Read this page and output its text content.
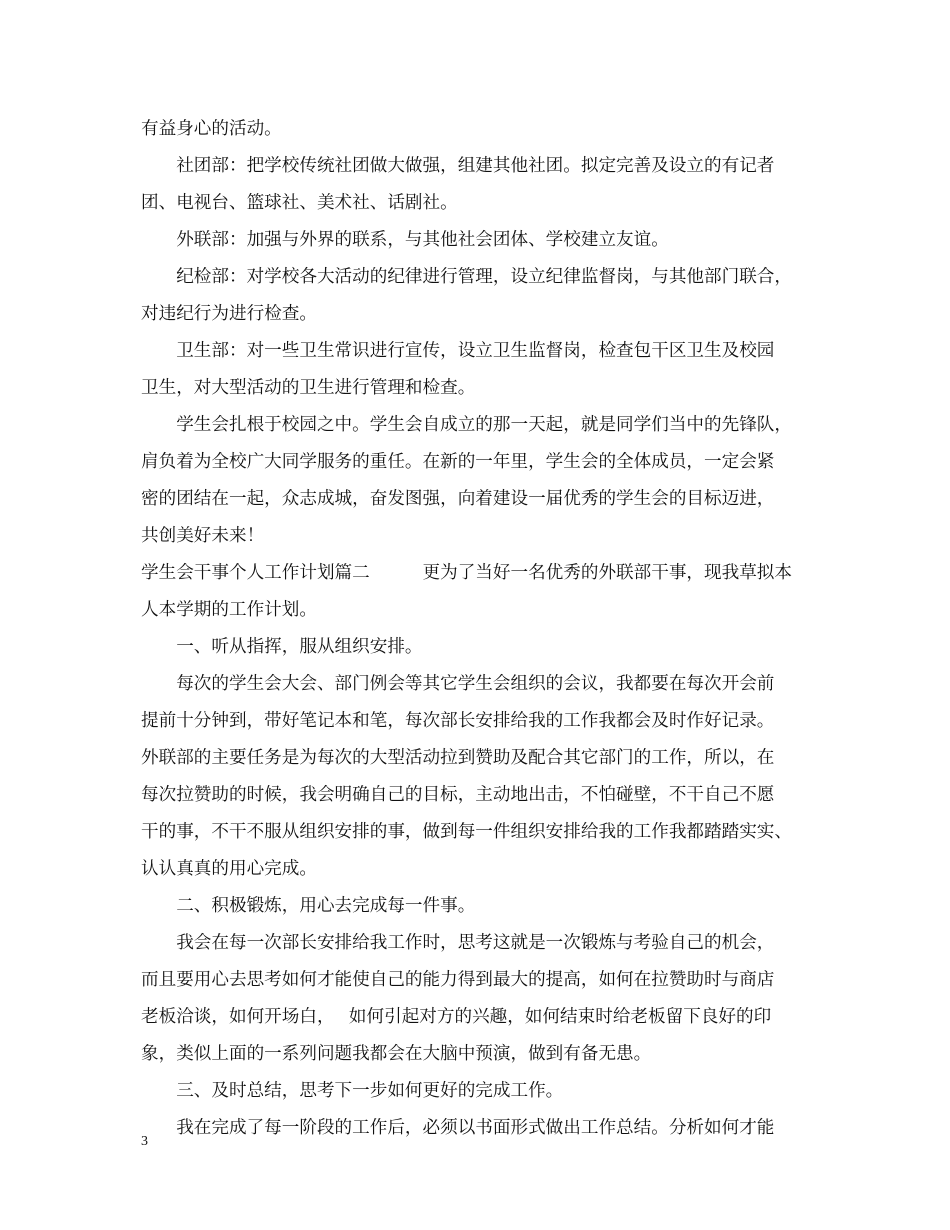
有益身心的活动。
　　社团部：把学校传统社团做大做强，组建其他社团。拟定完善及设立的有记者
团、电视台、篮球社、美术社、话剧社。
　　外联部：加强与外界的联系，与其他社会团体、学校建立友谊。
　　纪检部：对学校各大活动的纪律进行管理，设立纪律监督岗，与其他部门联合，
对违纪行为进行检查。
　　卫生部：对一些卫生常识进行宣传，设立卫生监督岗，检查包干区卫生及校园
卫生，对大型活动的卫生进行管理和检查。
　　学生会扎根于校园之中。学生会自成立的那一天起，就是同学们当中的先锋队，
肩负着为全校广大同学服务的重任。在新的一年里，学生会的全体成员，一定会紧
密的团结在一起，众志成城，奋发图强，向着建设一届优秀的学生会的目标迈进，
共创美好未来！
学生会干事个人工作计划篇二　　　更为了当好一名优秀的外联部干事，现我草拟本
人本学期的工作计划。
　　一、听从指挥，服从组织安排。
　　每次的学生会大会、部门例会等其它学生会组织的会议，我都要在每次开会前
提前十分钟到，带好笔记本和笔，每次部长安排给我的工作我都会及时作好记录。
外联部的主要任务是为每次的大型活动拉到赞助及配合其它部门的工作，所以，在
每次拉赞助的时候，我会明确自己的目标，主动地出击，不怕碰壁，不干自己不愿
干的事，不干不服从组织安排的事，做到每一件组织安排给我的工作我都踏踏实实、
认认真真的用心完成。
　　二、积极锻炼，用心去完成每一件事。
　　我会在每一次部长安排给我工作时，思考这就是一次锻炼与考验自己的机会，
而且要用心去思考如何才能使自己的能力得到最大的提高，如何在拉赞助时与商店
老板洽谈，如何开场白，　 如何引起对方的兴趣，如何结束时给老板留下良好的印
象，类似上面的一系列问题我都会在大脑中预演，做到有备无患。
　　三、及时总结，思考下一步如何更好的完成工作。
　　我在完成了每一阶段的工作后，必须以书面形式做出工作总结。分析如何才能
3
